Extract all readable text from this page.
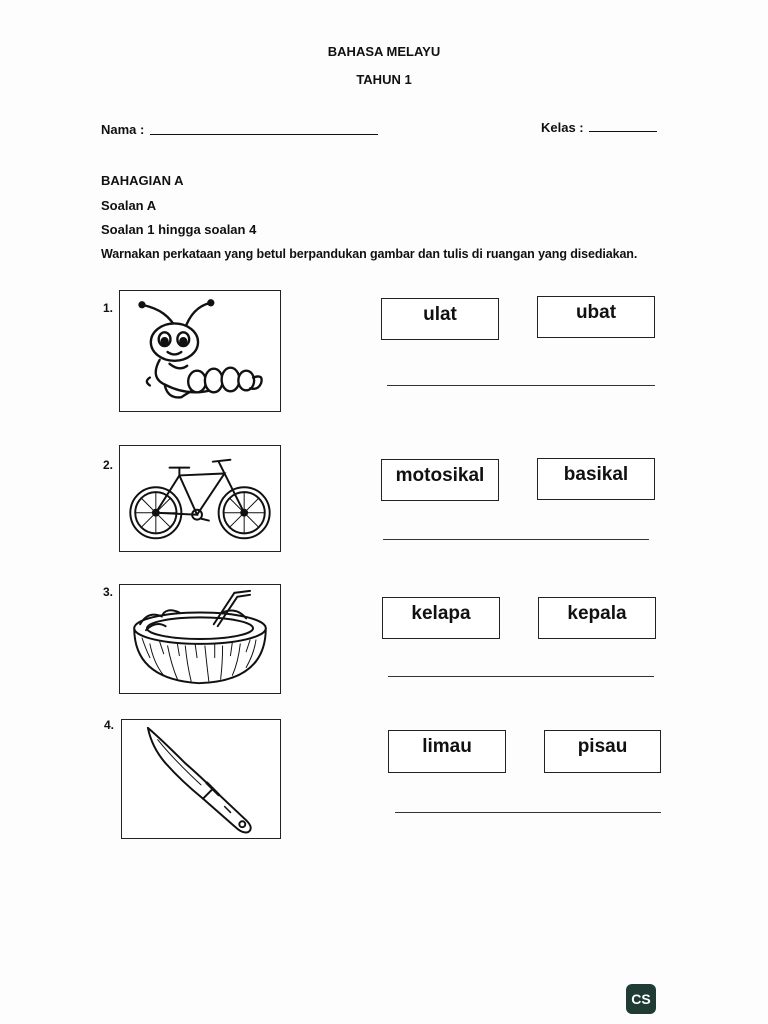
BAHASA MELAYU
TAHUN 1
Nama :	Kelas :
BAHAGIAN A
Soalan A
Soalan 1 hingga soalan 4
Warnakan perkataan yang betul berpandukan gambar dan tulis di ruangan yang disediakan.
1.	ulat	ubat
2.	motosikal	basikal
3.
kelapa	kepala
4.
limau	pisau
CS
